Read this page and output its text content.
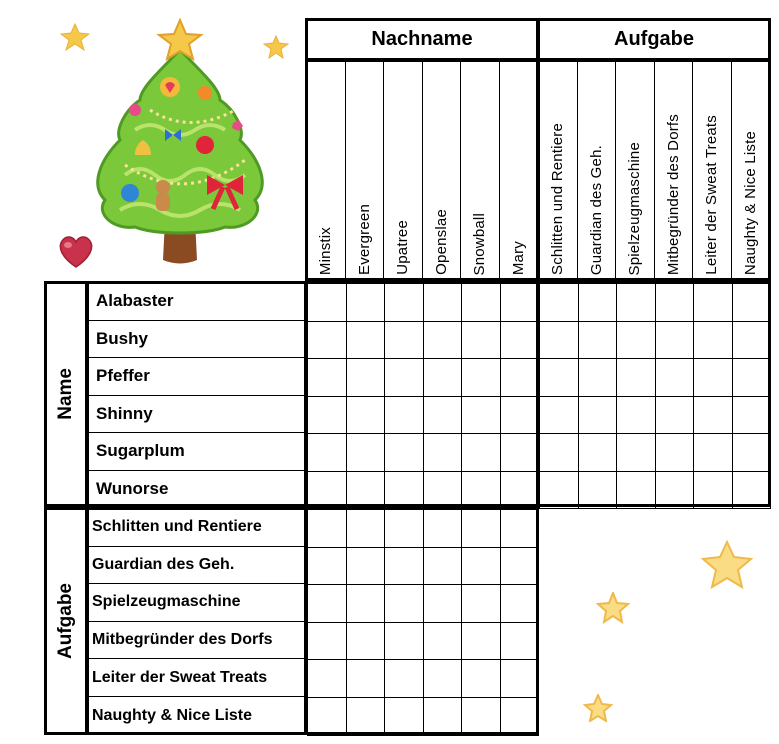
Nachname	Aufgabe
Minstix Evergreen Upatree Openslae Snowball Mary Schlitten und Rentiere Guardian des Geh. Spielzeugmaschine Mitbegründer des Dorfs Leiter der Sweat Treats Naughty & Nice Liste
Name
Aufgabe
Alabaster
Bushy
Pfeffer
Shinny
Sugarplum
Wunorse
Schlitten und Rentiere
Guardian des Geh.
Spielzeugmaschine
Mitbegründer des Dorfs
Leiter der Sweat Treats
Naughty & Nice Liste
